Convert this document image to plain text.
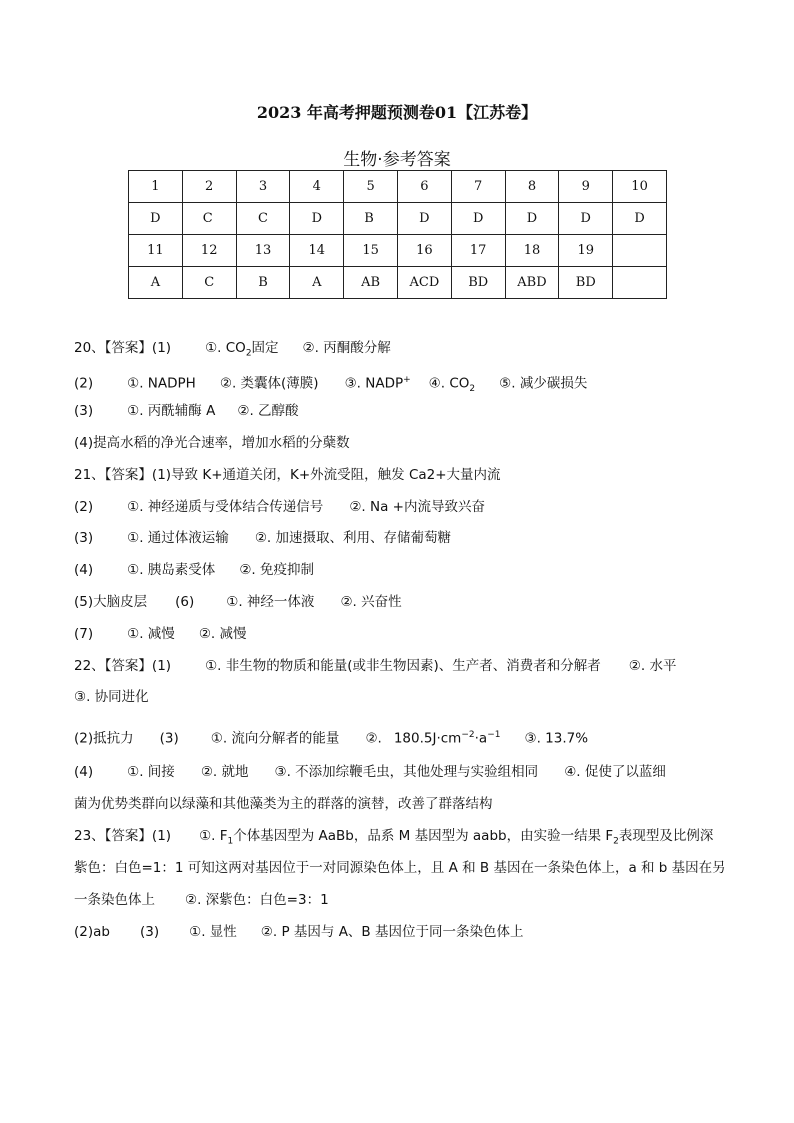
2023 年高考押题预测卷01【江苏卷】
生物·参考答案
1	2	3	4	5	6	7	8	9	10
D	C	C	D	B	D	D	D	D	D
11	12	13	14	15	16	17	18	19	
A	C	B	A	AB	ACD	BD	ABD	BD	
20、【答案】(1)	①. $CO_2$固定 ②. 丙酮酸分解
(2)	①. NADPH ②. 类囊体(薄膜) ③. NADP+ ④. $CO_2$ ⑤. 减少碳损失
(3)	①. 丙酰辅酶 A ②. 乙醇酸
(4)提高水稻的净光合速率，增加水稻的分蘖数
21、【答案】(1)导致 K+通道关闭，K+外流受阻，触发 Ca2+大量内流
(2)	①. 神经递质与受体结合传递信号 ②. Na +内流导致兴奋
(3)	①. 通过体液运输 ②. 加速摄取、利用、存储葡萄糖
(4)	①. 胰岛素受体 ②. 免疫抑制
(5)大脑皮层 (6) ①. 神经一体液 ②. 兴奋性
(7)	①. 减慢 ②. 减慢
22、【答案】(1)	①. 非生物的物质和能量(或非生物因素)、生产者、消费者和分解者 ②. 水平
③. 协同进化
(2)抵抗力 (3) ①. 流向分解者的能量 ②. $180.5J\cdot cm^{-2}\cdot a^{-1}$ ③. 13.7%
(4)	①. 间接 ②. 就地 ③. 不添加综鞭毛虫，其他处理与实验组相同 ④. 促使了以蓝细
菌为优势类群向以绿藻和其他藻类为主的群落的演替，改善了群落结构
23、【答案】(1) ①. $F_1$个体基因型为 AaBb，品系 M 基因型为 aabb，由实验一结果 $F_2$表现型及比例深
紫色：白色=1：1 可知这两对基因位于一对同源染色体上，且 A 和 B 基因在一条染色体上，a 和 b 基因在另
一条染色体上 ②. 深紫色：白色=3：1
(2)ab (3) ①. 显性 ②. P 基因与 A、B 基因位于同一条染色体上
